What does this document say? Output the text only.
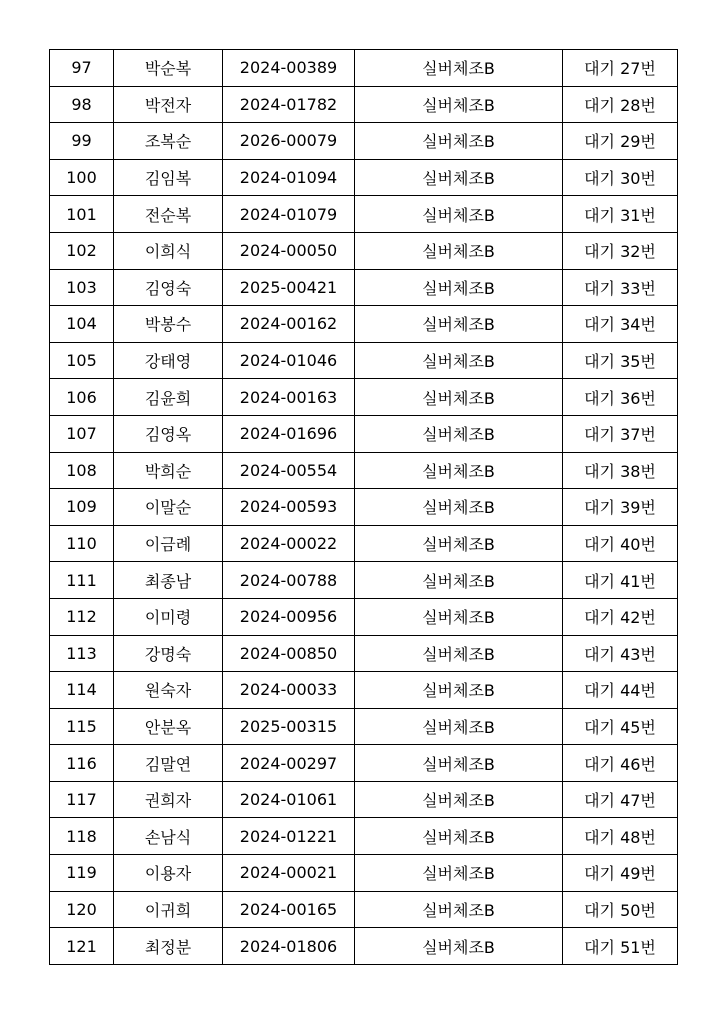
97	박순복	2024-00389	실버체조B	대기 27번
98	박전자	2024-01782	실버체조B	대기 28번
99	조복순	2026-00079	실버체조B	대기 29번
100	김임복	2024-01094	실버체조B	대기 30번
101	전순복	2024-01079	실버체조B	대기 31번
102	이희식	2024-00050	실버체조B	대기 32번
103	김영숙	2025-00421	실버체조B	대기 33번
104	박봉수	2024-00162	실버체조B	대기 34번
105	강태영	2024-01046	실버체조B	대기 35번
106	김윤희	2024-00163	실버체조B	대기 36번
107	김영옥	2024-01696	실버체조B	대기 37번
108	박희순	2024-00554	실버체조B	대기 38번
109	이말순	2024-00593	실버체조B	대기 39번
110	이금례	2024-00022	실버체조B	대기 40번
111	최종남	2024-00788	실버체조B	대기 41번
112	이미령	2024-00956	실버체조B	대기 42번
113	강명숙	2024-00850	실버체조B	대기 43번
114	원숙자	2024-00033	실버체조B	대기 44번
115	안분옥	2025-00315	실버체조B	대기 45번
116	김말연	2024-00297	실버체조B	대기 46번
117	권희자	2024-01061	실버체조B	대기 47번
118	손남식	2024-01221	실버체조B	대기 48번
119	이용자	2024-00021	실버체조B	대기 49번
120	이귀희	2024-00165	실버체조B	대기 50번
121	최정분	2024-01806	실버체조B	대기 51번
